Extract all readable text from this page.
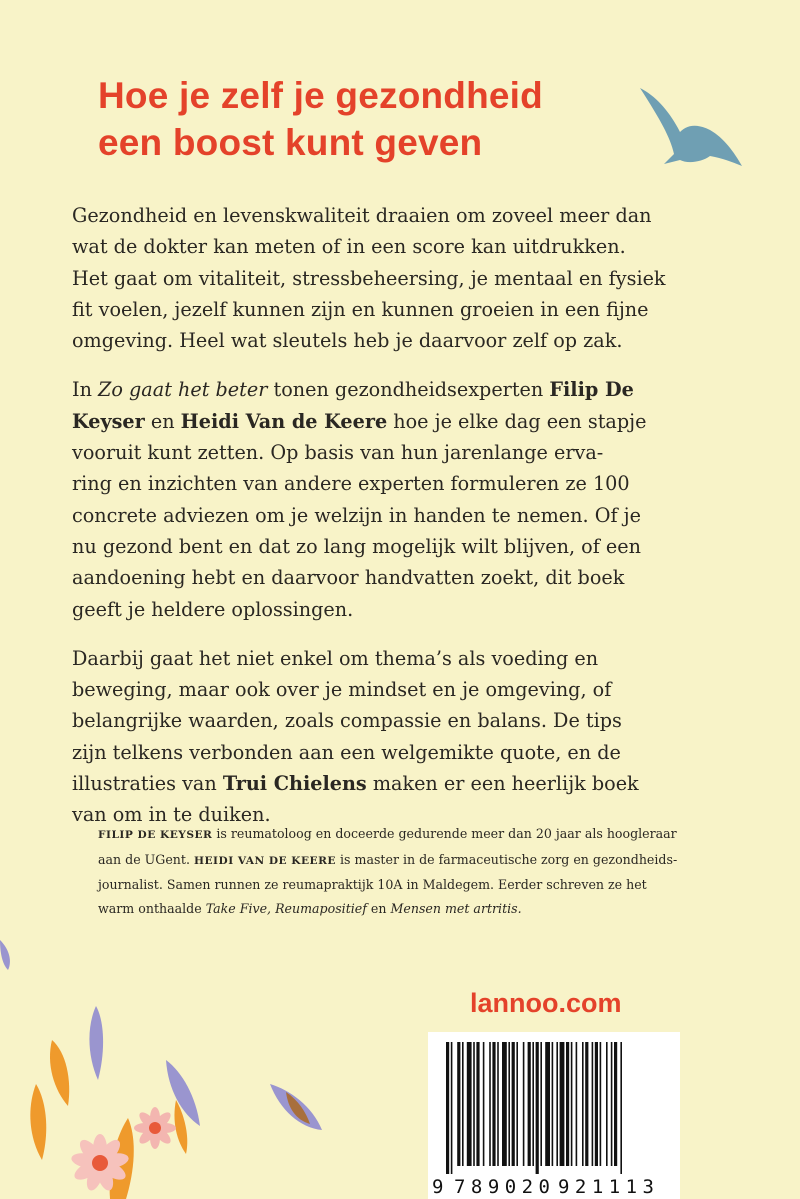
Hoe je zelf je gezondheid
een boost kunt geven

Gezondheid en levenskwaliteit draaien om zoveel meer dan
wat de dokter kan meten of in een score kan uitdrukken.
Het gaat om vitaliteit, stressbeheersing, je mentaal en fysiek
fit voelen, jezelf kunnen zijn en kunnen groeien in een fijne
omgeving. Heel wat sleutels heb je daarvoor zelf op zak.

In Zo gaat het beter tonen gezondheidsexperten Filip De
Keyser en Heidi Van de Keere hoe je elke dag een stapje
vooruit kunt zetten. Op basis van hun jarenlange erva-
ring en inzichten van andere experten formuleren ze 100
concrete adviezen om je welzijn in handen te nemen. Of je
nu gezond bent en dat zo lang mogelijk wilt blijven, of een
aandoening hebt en daarvoor handvatten zoekt, dit boek
geeft je heldere oplossingen.

Daarbij gaat het niet enkel om thema’s als voeding en
beweging, maar ook over je mindset en je omgeving, of
belangrijke waarden, zoals compassie en balans. De tips
zijn telkens verbonden aan een welgemikte quote, en de
illustraties van Trui Chielens maken er een heerlijk boek
van om in te duiken.

FILIP DE KEYSER is reumatoloog en doceerde gedurende meer dan 20 jaar als hoogleraar
aan de UGent. HEIDI VAN DE KEERE is master in de farmaceutische zorg en gezondheids-
journalist. Samen runnen ze reumapraktijk 10A in Maldegem. Eerder schreven ze het
warm onthaalde Take Five, Reumapositief en Mensen met artritis.

lannoo.com

9 789020 921113
